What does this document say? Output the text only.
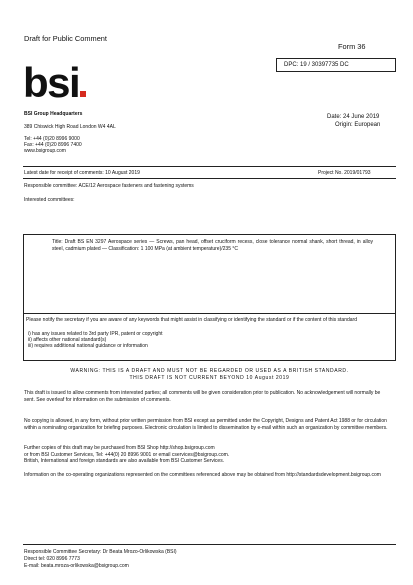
Draft for Public Comment
Form 36
bsi	DPC: 19 / 30397735 DC
BSI Group Headquarters
389 Chiswick High Road London W4 4AL
Tel: +44 (0)20 8996 9000
Fax: +44 (0)20 8996 7400
www.bsigroup.com
Date: 24 June 2019
Origin: European
Latest date for receipt of comments: 10 August 2019	Project No. 2019/01793
Responsible committee: ACE/12 Aerospace fasteners and fastening systems
Interested committees:
Title: Draft BS EN 3297 Aerospace series — Screws, pan head, offset cruciform recess, close tolerance normal shank, short thread, in alloy steel, cadmium plated — Classification: 1 100 MPa (at ambient temperature)/235 °C
Please notify the secretary if you are aware of any keywords that might assist in classifying or identifying the standard or if the content of this standard
i) has any issues related to 3rd party IPR, patent or copyright
ii) affects other national standard(s)
iii) requires additional national guidance or information
WARNING: THIS IS A DRAFT AND MUST NOT BE REGARDED OR USED AS A BRITISH STANDARD.
THIS DRAFT IS NOT CURRENT BEYOND 10 August 2019
This draft is issued to allow comments from interested parties; all comments will be given consideration prior to publication. No acknowledgement will normally be sent. See overleaf for information on the submission of comments.
No copying is allowed, in any form, without prior written permission from BSI except as permitted under the Copyright, Designs and Patent Act 1988 or for circulation within a nominating organization for briefing purposes. Electronic circulation is limited to dissemination by e-mail within such an organization by committee members.
Further copies of this draft may be purchased from BSI Shop http://shop.bsigroup.com
or from BSI Customer Services, Tel: +44(0) 20 8996 9001 or email cservices@bsigroup.com.
British, International and foreign standards are also available from BSI Customer Services.
Information on the co-operating organizations represented on the committees referenced above may be obtained from http://standardsdevelopment.bsigroup.com
Responsible Committee Secretary: Dr Beata Mrozo-Orlikowska (BSI)
Direct tel: 020 8996 7773
E-mail: beata.mroza-orlikowska@bsigroup.com
